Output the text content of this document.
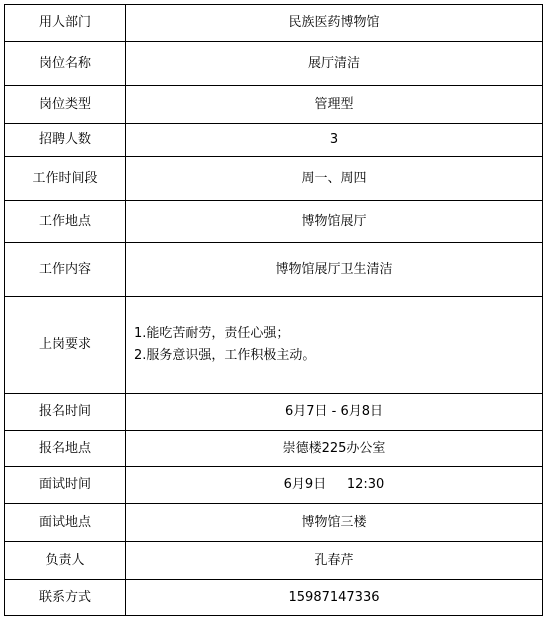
用人部门	民族医药博物馆
岗位名称	展厅清洁
岗位类型	管理型
招聘人数	3
工作时间段	周一、周四
工作地点	博物馆展厅
工作内容	博物馆展厅卫生清洁
上岗要求	1.能吃苦耐劳，责任心强；
2.服务意识强，工作积极主动。

报名时间	6月7日 - 6月8日
报名地点	崇德楼225办公室
面试时间	6月9日     12:30
面试地点	博物馆三楼
负责人	孔春芹
联系方式	15987147336
